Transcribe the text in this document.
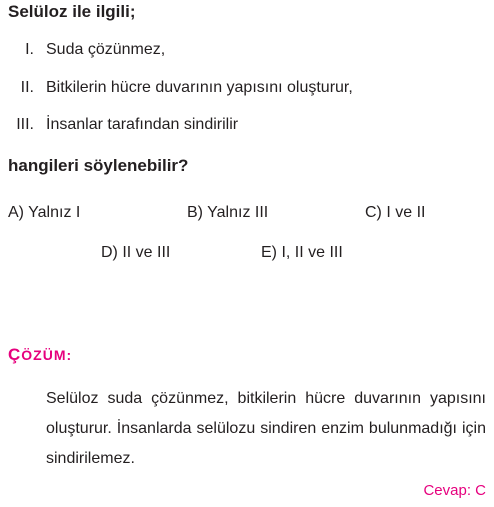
Selüloz ile ilgili;
I. Suda çözünmez,
II. Bitkilerin hücre duvarının yapısını oluşturur,
III. İnsanlar tarafından sindirilir
hangileri söylenebilir?
A) Yalnız I	B) Yalnız III	C) I ve II
D) II ve III	E) I, II ve III
ÇÖZÜM:
Selüloz suda çözünmez, bitkilerin hücre duvarının yapısını oluşturur. İnsanlarda selülozu sindiren enzim bulunmadığı için sindirilemez.
Cevap: C
